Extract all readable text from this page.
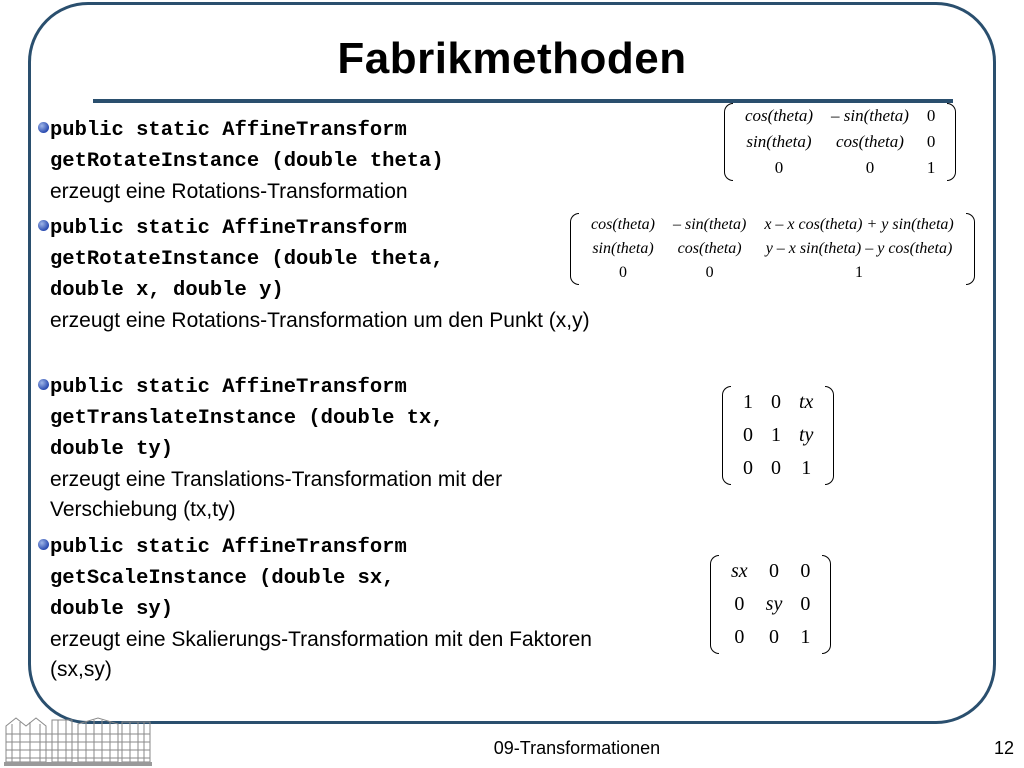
Fabrikmethoden
public static AffineTransform
getRotateInstance (double theta)
erzeugt eine Rotations-Transformation
public static AffineTransform
getRotateInstance (double theta,
double x, double y)
erzeugt eine Rotations-Transformation um den Punkt (x,y)
public static AffineTransform
getTranslateInstance (double tx,
double ty)
erzeugt eine Translations-Transformation mit der Verschiebung (tx,ty)
public static AffineTransform
getScaleInstance (double sx,
double sy)
erzeugt eine Skalierungs-Transformation mit den Faktoren (sx,sy)
cos(theta)	– sin(theta)	0
sin(theta)	cos(theta)	0
0	0	1
cos(theta)	– sin(theta)	x – x cos(theta) + y sin(theta)
sin(theta)	cos(theta)	y – x sin(theta) – y cos(theta)
0	0	1
1	0	tx
0	1	ty
0	0	1
sx	0	0
0	sy	0
0	0	1
09-Transformationen	12
